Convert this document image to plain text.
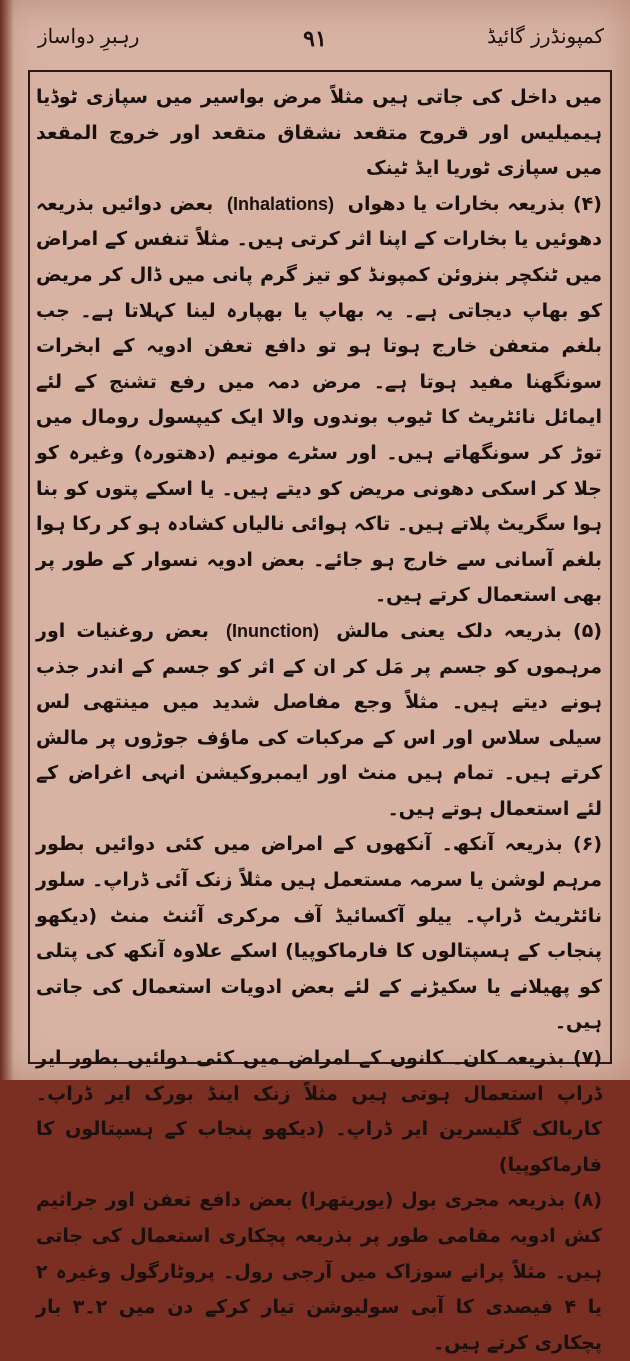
رہبرِ دواساز	۹۱	کمپونڈرز گائیڈ

میں داخل کی جاتی ہیں مثلاً مرض بواسیر میں سپازی ٹوڈیا ہیمیلیس اور قروح متقعد نشقاق متقعد اور خروج المقعد میں سپازی ٹوریا ایڈ ٹینک

(۴) بذریعہ بخارات یا دھواں (Inhalations) بعض دوائیں بذریعہ دھوئیں یا بخارات کے اپنا اثر کرتی ہیں۔ مثلاً تنفس کے امراض میں ٹنکچر بنزوئن کمپونڈ کو تیز گرم پانی میں ڈال کر مریض کو بھاپ دیجاتی ہے۔ یہ بھاپ یا بھپارہ لینا کہلاتا ہے۔ جب بلغم متعفن خارج ہوتا ہو تو دافع تعفن ادویہ کے ابخرات سونگھنا مفید ہوتا ہے۔ مرض دمہ میں رفع تشنج کے لئے ایمائل نائٹریٹ کا ٹیوب بوندوں والا ایک کیپسول رومال میں توڑ کر سونگھاتے ہیں۔ اور سٹرے مونیم (دھتورہ) وغیرہ کو جلا کر اسکی دھونی مریض کو دیتے ہیں۔ یا اسکے پتوں کو بنا ہوا سگریٹ پلاتے ہیں۔ تاکہ ہوائی نالیاں کشادہ ہو کر رکا ہوا بلغم آسانی سے خارج ہو جائے۔ بعض ادویہ نسوار کے طور پر بھی استعمال کرتے ہیں۔

(۵) بذریعہ دلک یعنی مالش (Inunction) بعض روغنیات اور مرہموں کو جسم پر مَل کر ان کے اثر کو جسم کے اندر جذب ہونے دیتے ہیں۔ مثلاً وجع مفاصل شدید میں مینتھی لس سیلی سلاس اور اس کے مرکبات کی ماؤف جوڑوں پر مالش کرتے ہیں۔ تمام ہیں منٹ اور ایمبروکیشن انہی اغراض کے لئے استعمال ہوتے ہیں۔

(۶) بذریعہ آنکھ۔ آنکھوں کے امراض میں کئی دوائیں بطور مرہم لوشن یا سرمہ مستعمل ہیں مثلاً زنک آئی ڈراپ۔ سلور نائٹریٹ ڈراپ۔ ییلو آکسائیڈ آف مرکری آئنٹ منٹ (دیکھو پنجاب کے ہسپتالوں کا فارماکوپیا) اسکے علاوہ آنکھ کی پتلی کو پھیلانے یا سکیڑنے کے لئے بعض ادویات استعمال کی جاتی ہیں۔

(۷) بذریعہ کان۔ کانوں کے امراض میں کئی دوائیں بطور ایر ڈراپ استعمال ہوتی ہیں مثلاً زنک اینڈ بورک ایر ڈراپ۔ کاربالک گلیسرین ایر ڈراپ۔ (دیکھو پنجاب کے ہسپتالوں کا فارماکوپیا)

(۸) بذریعہ مجری بول (یوریتھرا) بعض دافع تعفن اور جراثیم کش ادویہ مقامی طور پر بذریعہ پچکاری استعمال کی جاتی ہیں۔ مثلاً پرانے سوزاک میں آرجی رول۔ پروٹارگول وغیرہ ۲ یا ۴ فیصدی کا آبی سولیوشن تیار کرکے دن میں ۲۔۳ بار پچکاری کرتے ہیں۔
